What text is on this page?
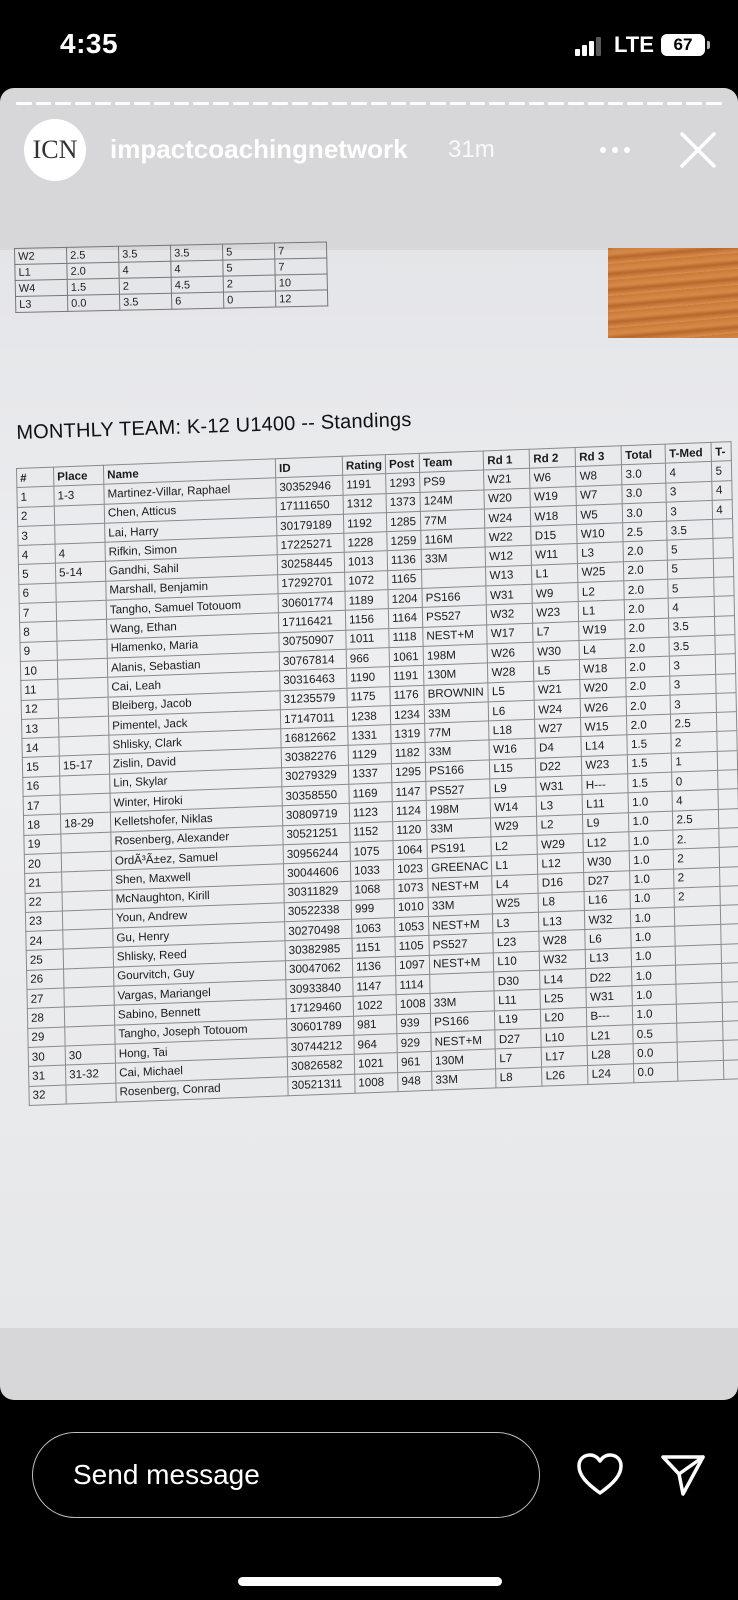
4:35	LTE	67
W2	2.5	3.5	3.5	5	7
L1	2.0	4	4	5	7
W4	1.5	2	4.5	2	10
L3	0.0	3.5	6	0	12
MONTHLY TEAM: K-12 U1400 -- Standings
#	Place	Name	ID	Rating	Post	Team	Rd 1	Rd 2	Rd 3	Total	T-Med	T-
1	1-3	Martinez-Villar, Raphael	30352946	1191	1293	PS9	W21	W6	W8	3.0	4	5
2		Chen, Atticus	17111650	1312	1373	124M	W20	W19	W7	3.0	3	4
3		Lai, Harry	30179189	1192	1285	77M	W24	W18	W5	3.0	3	4
4	4	Rifkin, Simon	17225271	1228	1259	116M	W22	D15	W10	2.5	3.5	
5	5-14	Gandhi, Sahil	30258445	1013	1136	33M	W12	W11	L3	2.0	5	
6		Marshall, Benjamin	17292701	1072	1165		W13	L1	W25	2.0	5	
7		Tangho, Samuel Totouom	30601774	1189	1204	PS166	W31	W9	L2	2.0	5	
8		Wang, Ethan	17116421	1156	1164	PS527	W32	W23	L1	2.0	4	
9		Hlamenko, Maria	30750907	1011	1118	NEST+M	W17	L7	W19	2.0	3.5	
10		Alanis, Sebastian	30767814	966	1061	198M	W26	W30	L4	2.0	3.5	
11		Cai, Leah	30316463	1190	1191	130M	W28	L5	W18	2.0	3	
12		Bleiberg, Jacob	31235579	1175	1176	BROWNIN	L5	W21	W20	2.0	3	
13		Pimentel, Jack	17147011	1238	1234	33M	L6	W24	W26	2.0	3	
14		Shlisky, Clark	16812662	1331	1319	77M	L18	W27	W15	2.0	2.5	
15	15-17	Zislin, David	30382276	1129	1182	33M	W16	D4	L14	1.5	2	
16		Lin, Skylar	30279329	1337	1295	PS166	L15	D22	W23	1.5	1	
17		Winter, Hiroki	30358550	1169	1147	PS527	L9	W31	H---	1.5	0	
18	18-29	Kelletshofer, Niklas	30809719	1123	1124	198M	W14	L3	L11	1.0	4	
19		Rosenberg, Alexander	30521251	1152	1120	33M	W29	L2	L9	1.0	2.5	
20		OrdÃ³Ã±ez, Samuel	30956244	1075	1064	PS191	L2	W29	L12	1.0	2.	
21		Shen, Maxwell	30044606	1033	1023	GREENAC	L1	L12	W30	1.0	2	
22		McNaughton, Kirill	30311829	1068	1073	NEST+M	L4	D16	D27	1.0	2	
23		Youn, Andrew	30522338	999	1010	33M	W25	L8	L16	1.0	2	
24		Gu, Henry	30270498	1063	1053	NEST+M	L3	L13	W32	1.0		
25		Shlisky, Reed	30382985	1151	1105	PS527	L23	W28	L6	1.0		
26		Gourvitch, Guy	30047062	1136	1097	NEST+M	L10	W32	L13	1.0		
27		Vargas, Mariangel	30933840	1147	1114		D30	L14	D22	1.0		
28		Sabino, Bennett	17129460	1022	1008	33M	L11	L25	W31	1.0		
29		Tangho, Joseph Totouom	30601789	981	939	PS166	L19	L20	B---	1.0		
30	30	Hong, Tai	30744212	964	929	NEST+M	D27	L10	L21	0.5		
31	31-32	Cai, Michael	30826582	1021	961	130M	L7	L17	L28	0.0		
32		Rosenberg, Conrad	30521311	1008	948	33M	L8	L26	L24	0.0		
ICN	impactcoachingnetwork 31m
Send message
